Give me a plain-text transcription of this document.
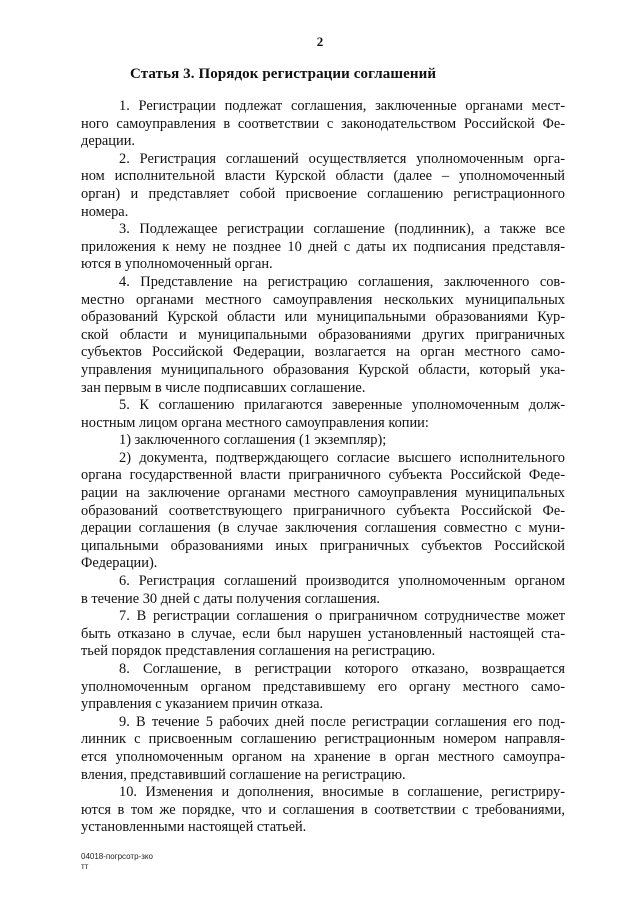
2
Статья 3. Порядок регистрации соглашений
1. Регистрации подлежат соглашения, заключенные органами мест-
ного самоуправления в соответствии с законодательством Российской Фе-
дерации.
2. Регистрация соглашений осуществляется уполномоченным орга-
ном исполнительной власти Курской области (далее – уполномоченный
орган) и представляет собой присвоение соглашению регистрационного
номера.
3. Подлежащее регистрации соглашение (подлинник), а также все
приложения к нему не позднее 10 дней с даты их подписания представля-
ются в уполномоченный орган.
4. Представление на регистрацию соглашения, заключенного сов-
местно органами местного самоуправления нескольких муниципальных
образований Курской области или муниципальными образованиями Кур-
ской области и муниципальными образованиями других приграничных
субъектов Российской Федерации, возлагается на орган местного само-
управления муниципального образования Курской области, который ука-
зан первым в числе подписавших соглашение.
5. К соглашению прилагаются заверенные уполномоченным долж-
ностным лицом органа местного самоуправления копии:
1) заключенного соглашения (1 экземпляр);
2) документа, подтверждающего согласие высшего исполнительного
органа государственной власти приграничного субъекта Российской Феде-
рации на заключение органами местного самоуправления муниципальных
образований соответствующего приграничного субъекта Российской Фе-
дерации соглашения (в случае заключения соглашения совместно с муни-
ципальными образованиями иных приграничных субъектов Российской
Федерации).
6. Регистрация соглашений производится уполномоченным органом
в течение 30 дней с даты получения соглашения.
7. В регистрации соглашения о приграничном сотрудничестве может
быть отказано в случае, если был нарушен установленный настоящей ста-
тьей порядок представления соглашения на регистрацию.
8. Соглашение, в регистрации которого отказано, возвращается
уполномоченным органом представившему его органу местного само-
управления с указанием причин отказа.
9. В течение 5 рабочих дней после регистрации соглашения его под-
линник с присвоенным соглашению регистрационным номером направля-
ется уполномоченным органом на хранение в орган местного самоупра-
вления, представивший соглашение на регистрацию.
10. Изменения и дополнения, вносимые в соглашение, регистриру-
ются в том же порядке, что и соглашения в соответствии с требованиями,
установленными настоящей статьей.
04018-погрсотр-зко
тт
